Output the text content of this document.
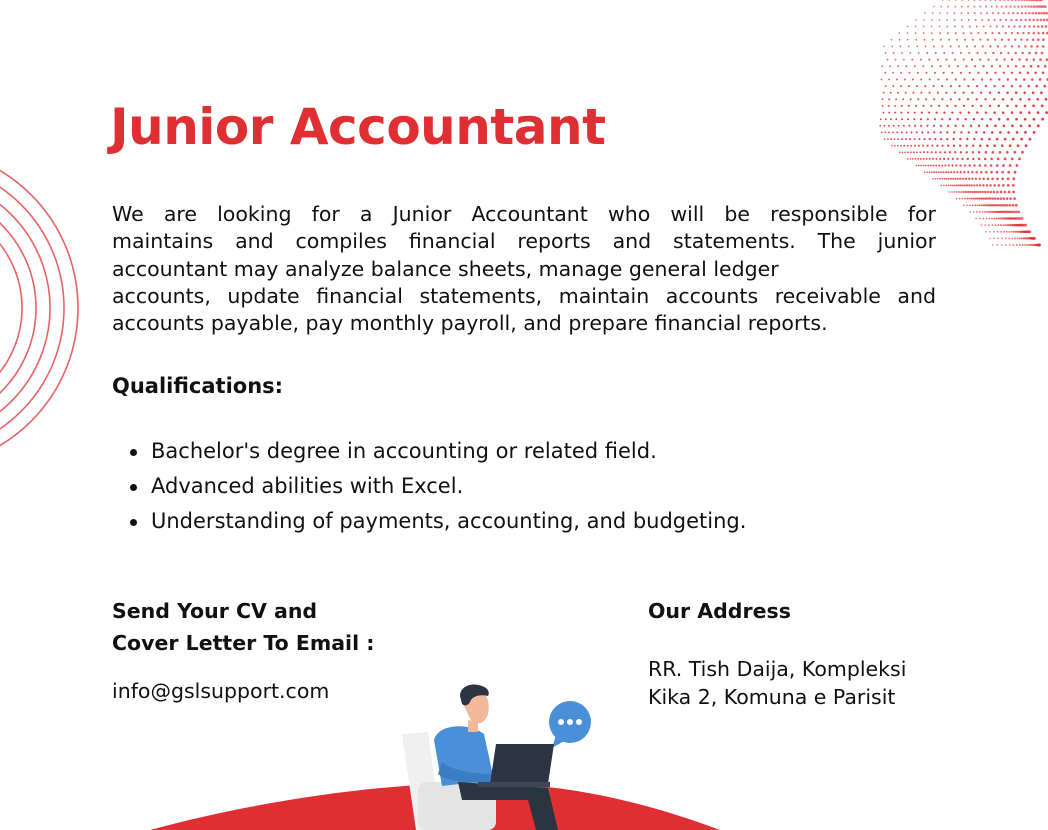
Junior Accountant
We are looking for a Junior Accountant who will be responsible for
maintains and compiles financial reports and statements. The junior
accountant may analyze balance sheets, manage general ledger
accounts, update financial statements, maintain accounts receivable and
accounts payable, pay monthly payroll, and prepare financial reports.
Qualifications:
Bachelor's degree in accounting or related field.
Advanced abilities with Excel.
Understanding of payments, accounting, and budgeting.
Send Your CV and
Cover Letter To Email :
info@gslsupport.com
Our Address
RR. Tish Daija, Kompleksi
Kika 2, Komuna e Parisit
